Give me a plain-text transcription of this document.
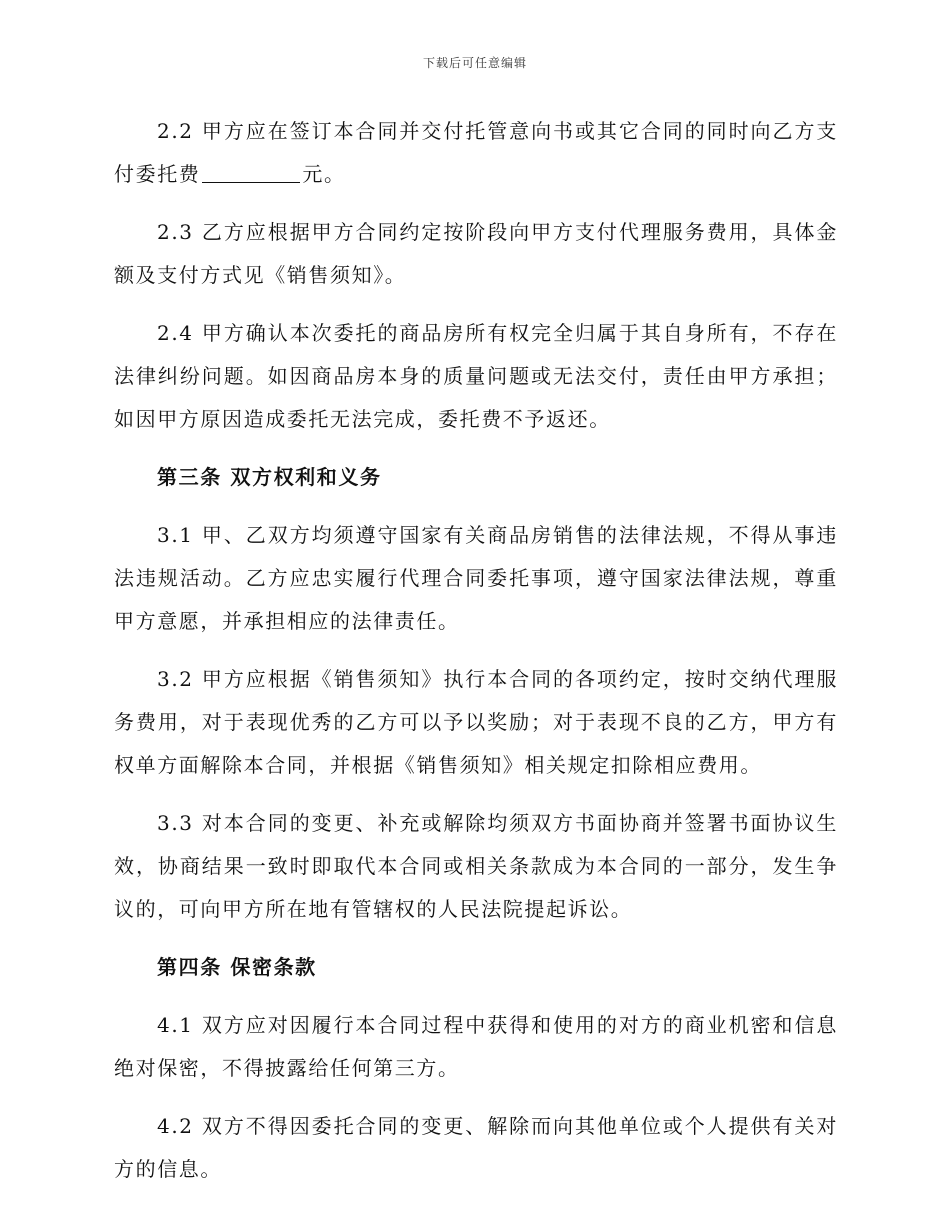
下载后可任意编辑

2.2 甲方应在签订本合同并交付托管意向书或其它合同的同时向乙方支付委托费	元。

2.3 乙方应根据甲方合同约定按阶段向甲方支付代理服务费用，具体金额及支付方式见《销售须知》。

2.4 甲方确认本次委托的商品房所有权完全归属于其自身所有，不存在法律纠纷问题。如因商品房本身的质量问题或无法交付，责任由甲方承担；如因甲方原因造成委托无法完成，委托费不予返还。

第三条 双方权利和义务

3.1 甲、乙双方均须遵守国家有关商品房销售的法律法规，不得从事违法违规活动。乙方应忠实履行代理合同委托事项，遵守国家法律法规，尊重甲方意愿，并承担相应的法律责任。

3.2 甲方应根据《销售须知》执行本合同的各项约定，按时交纳代理服务费用，对于表现优秀的乙方可以予以奖励；对于表现不良的乙方，甲方有权单方面解除本合同，并根据《销售须知》相关规定扣除相应费用。

3.3 对本合同的变更、补充或解除均须双方书面协商并签署书面协议生效，协商结果一致时即取代本合同或相关条款成为本合同的一部分，发生争议的，可向甲方所在地有管辖权的人民法院提起诉讼。

第四条 保密条款

4.1 双方应对因履行本合同过程中获得和使用的对方的商业机密和信息绝对保密，不得披露给任何第三方。

4.2 双方不得因委托合同的变更、解除而向其他单位或个人提供有关对方的信息。
